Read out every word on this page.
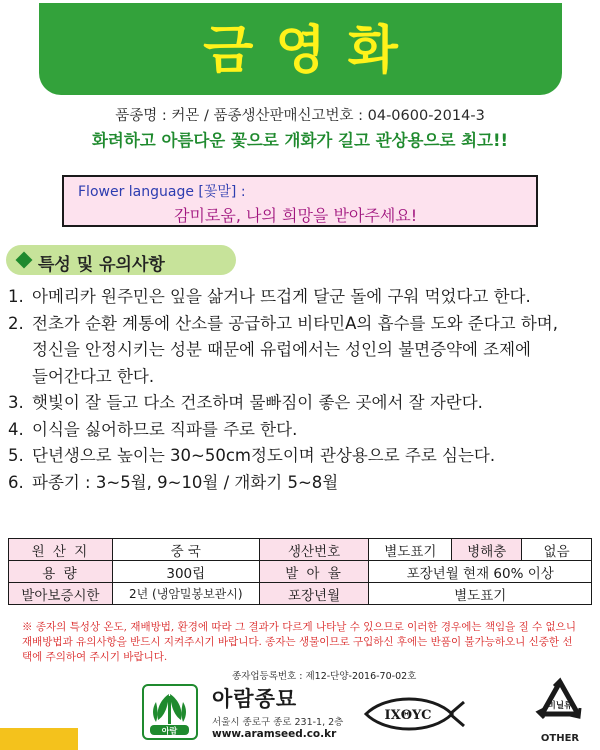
금영화
품종명 : 커몬 / 품종생산판매신고번호 : 04-0600-2014-3
화려하고 아름다운 꽃으로 개화가 길고 관상용으로 최고!!
Flower language [꽃말] :
감미로움, 나의 희망을 받아주세요!
특성 및 유의사항
1. 아메리카 원주민은 잎을 삶거나 뜨겁게 달군 돌에 구워 먹었다고 한다.
2. 전초가 순환 계통에 산소를 공급하고 비타민A의 흡수를 도와 준다고 하며, 정신을 안정시키는 성분 때문에 유럽에서는 성인의 불면증약에 조제에 들어간다고 한다.
3. 햇빛이 잘 들고 다소 건조하며 물빠짐이 좋은 곳에서 잘 자란다.
4. 이식을 싫어하므로 직파를 주로 한다.
5. 단년생으로 높이는 30~50cm정도이며 관상용으로 주로 심는다.
6. 파종기 : 3~5월, 9~10월 / 개화기 5~8월
원 산 지	중 국	생산번호	별도표기	병해충	없음
용 량	300립	발 아 율	포장년월 현재 60% 이상		
발아보증시한	2년 (냉암밀봉보관시)	포장년월	별도표기		
※ 종자의 특성상 온도, 재배방법, 환경에 따라 그 결과가 다르게 나타날 수 있으므로 이러한 경우에는 책임을 질 수 없으니 재배방법과 유의사항을 반드시 지켜주시기 바랍니다. 종자는 생물이므로 구입하신 후에는 반품이 불가능하오니 신중한 선택에 주의하여 주시기 바랍니다.
종자업등록번호 : 제12-단양-2016-70-02호
아람
아람종묘
서울시 종로구 종로 231-1, 2층
www.aramseed.co.kr
IXΘYC
비닐류
OTHER
